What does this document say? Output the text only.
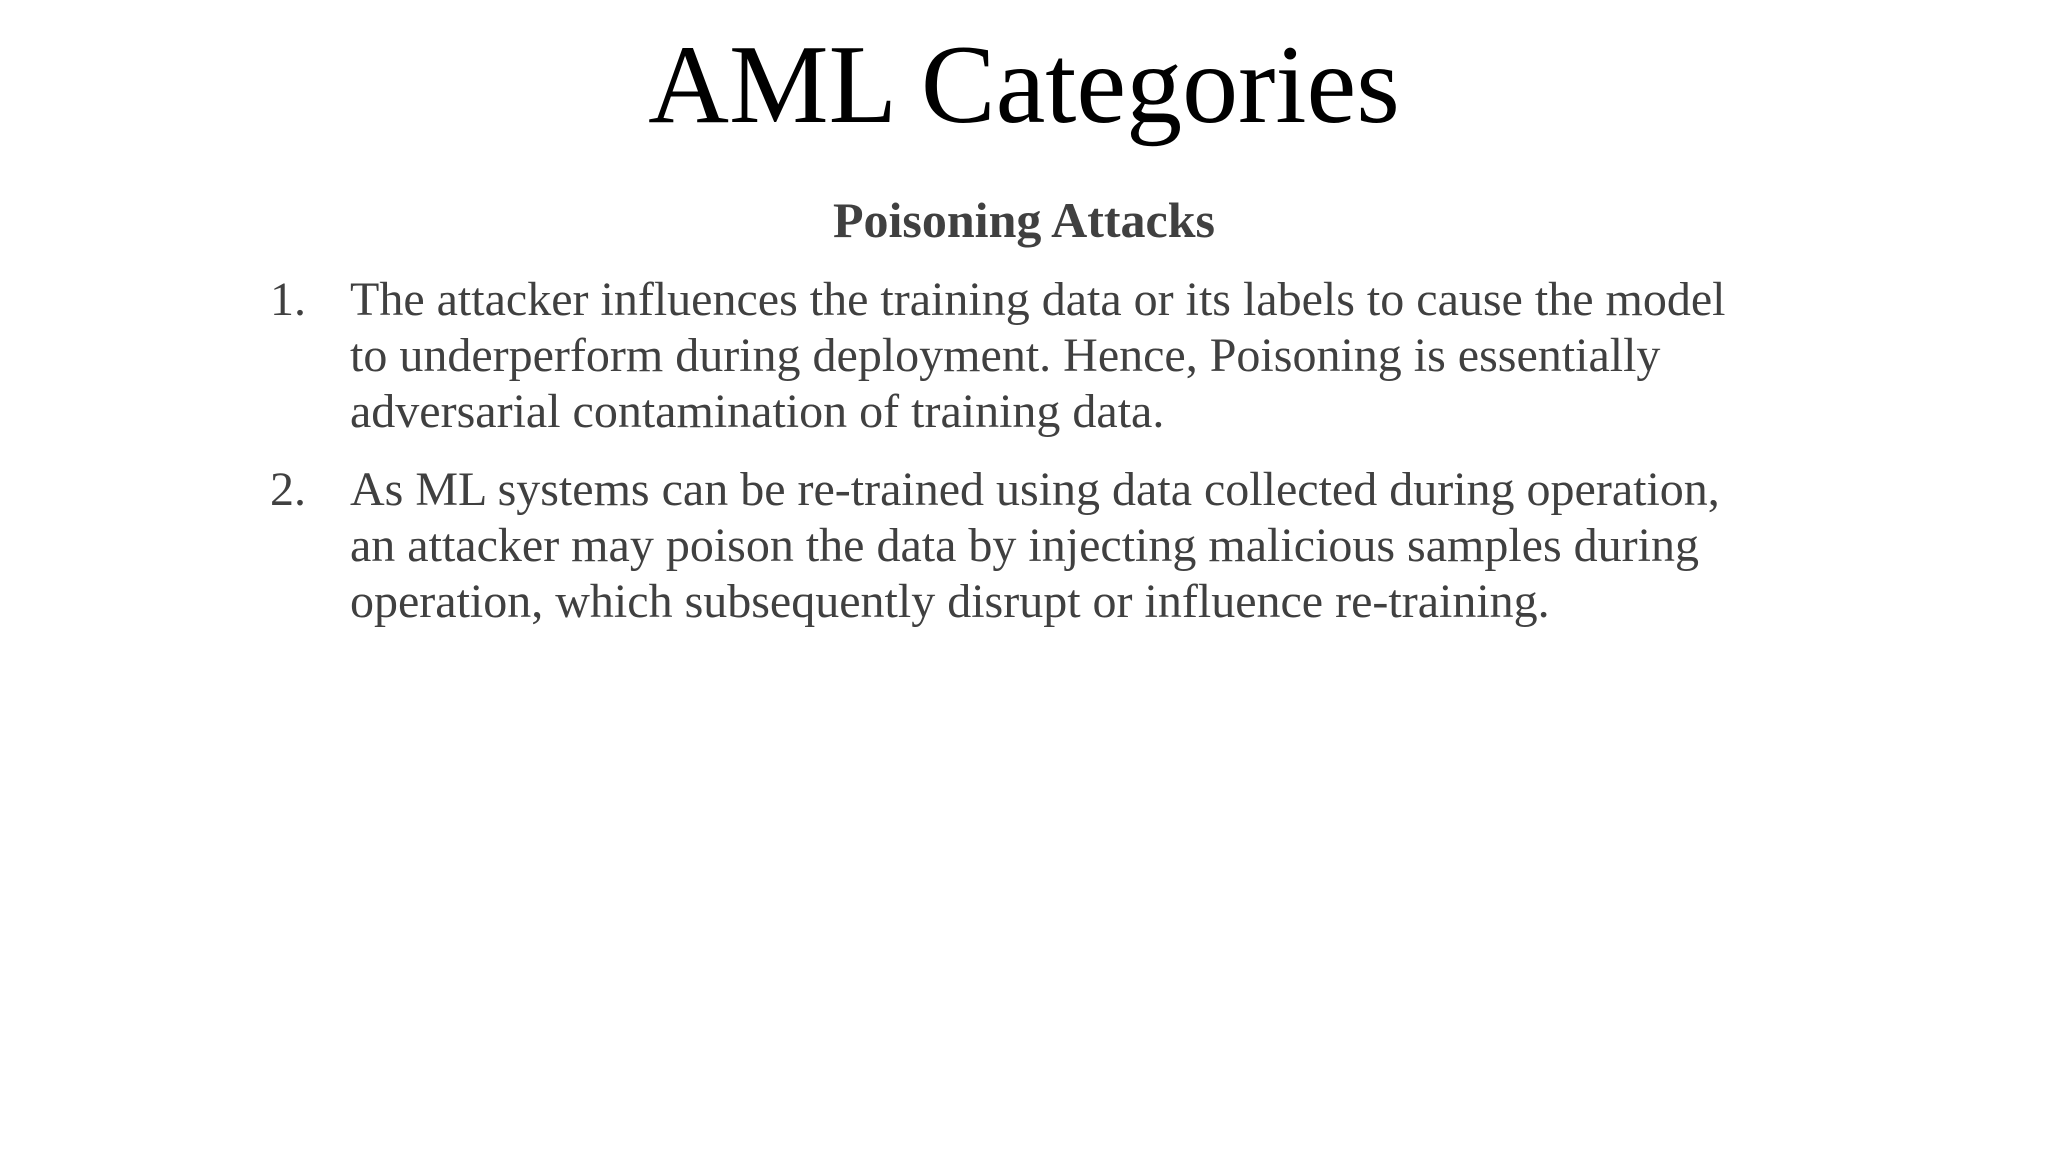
AML Categories
Poisoning Attacks
1. The attacker influences the training data or its labels to cause the model to underperform during deployment. Hence, Poisoning is essentially adversarial contamination of training data.
2. As ML systems can be re-trained using data collected during operation, an attacker may poison the data by injecting malicious samples during operation, which subsequently disrupt or influence re-training.
